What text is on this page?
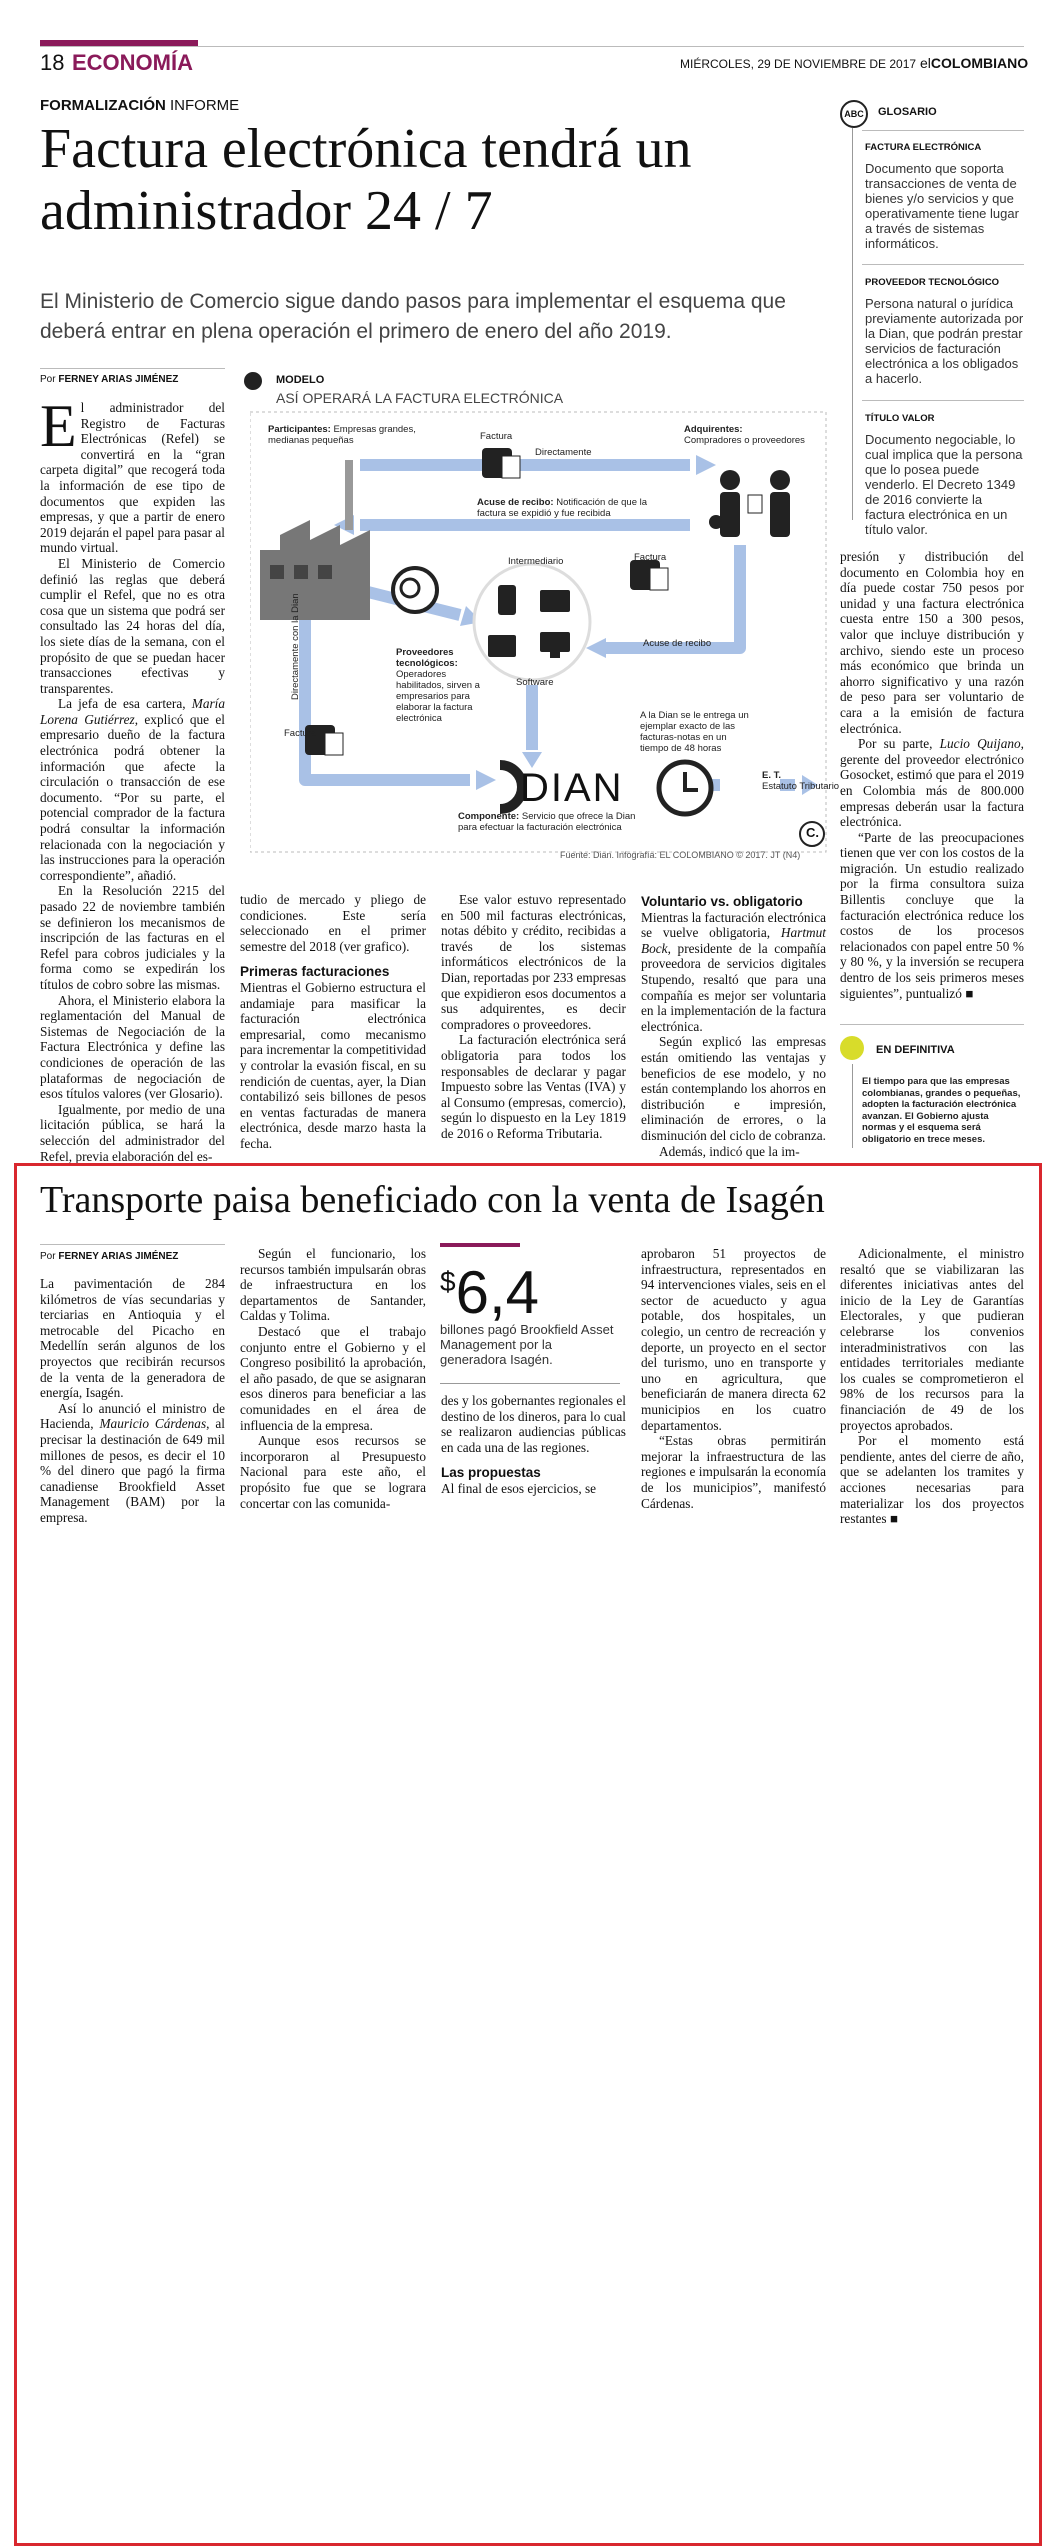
18 ECONOMÍA	MIÉRCOLES, 29 DE NOVIEMBRE DE 2017 elCOLOMBIANO
FORMALIZACIÓN INFORME
Factura electrónica tendrá un administrador 24 / 7
El Ministerio de Comercio sigue dando pasos para implementar el esquema que deberá entrar en plena operación el primero de enero del año 2019.
ABC	GLOSARIO
FACTURA ELECTRÓNICA
Documento que soporta transacciones de venta de bienes y/o servicios y que operativamente tiene lugar a través de sistemas informáticos.
PROVEEDOR TECNOLÓGICO
Persona natural o jurídica previamente autorizada por la Dian, que podrán prestar servicios de facturación electrónica a los obligados a hacerlo.
TÍTULO VALOR
Documento negociable, lo cual implica que la persona que lo posea puede venderlo. El Decreto 1349 de 2016 convierte la factura electrónica en un título valor.
Por FERNEY ARIAS JIMÉNEZ

El administrador del Registro de Facturas Electrónicas (Refel) se convertirá en la “gran carpeta digital” que recogerá toda la información de ese tipo de documentos que expiden las empresas, y que a partir de enero 2019 dejarán el papel para pasar al mundo virtual.

El Ministerio de Comercio definió las reglas que deberá cumplir el Refel, que no es otra cosa que un sistema que podrá ser consultado las 24 horas del día, los siete días de la semana, con el propósito de que se puedan hacer transacciones efectivas y transparentes.

La jefa de esa cartera, María Lorena Gutiérrez, explicó que el empresario dueño de la factura electrónica podrá obtener la información que afecte la circulación o transacción de ese documento. “Por su parte, el potencial comprador de la factura podrá consultar la información relacionada con la negociación y las instrucciones para la operación correspondiente”, añadió.

En la Resolución 2215 del pasado 22 de noviembre también se definieron los mecanismos de inscripción de las facturas en el Refel para cobros judiciales y la forma como se expedirán los títulos de cobro sobre las mismas.

Ahora, el Ministerio elabora la reglamentación del Manual de Sistemas de Negociación de la Factura Electrónica y define las condiciones de operación de las plataformas de negociación de esos títulos valores (ver Glosario).

Igualmente, por medio de una licitación pública, se hará la selección del administrador del Refel, previa elaboración del es-

MODELO
ASÍ OPERARÁ LA FACTURA ELECTRÓNICA
Participantes: Empresas grandes, medianas pequeñas	Factura
Directamente
Adquirentes:
Compradores o proveedores
Acuse de recibo: Notificación de que la factura se expidió y fue recibida
Intermediario	Factura
Acuse de recibo
Directamente con la Dian	Proveedores tecnológicos:
Operadores habilitados, sirven a empresarios para elaborar la factura electrónica
Software
Factura
A la Dian se le entrega un ejemplar exacto de las facturas-notas en un tiempo de 48 horas
DIAN	E. T.
Estatuto Tributario
Componente: Servicio que ofrece la Dian para efectuar la facturación electrónica	C.
Fuente: Dian. Infografía: EL COLOMBIANO © 2017. JT (N4)

tudio de mercado y pliego de condiciones. Este sería seleccionado en el primer semestre del 2018 (ver grafico).

Primeras facturaciones

Mientras el Gobierno estructura el andamiaje para masificar la facturación electrónica empresarial, como mecanismo para incrementar la competitividad y controlar la evasión fiscal, en su rendición de cuentas, ayer, la Dian contabilizó seis billones de pesos en ventas facturadas de manera electrónica, desde marzo hasta la fecha.

Ese valor estuvo representado en 500 mil facturas electrónicas, notas débito y crédito, recibidas a través de los sistemas informáticos electrónicos de la Dian, reportadas por 233 empresas que expidieron esos documentos a sus adquirentes, es decir compradores o proveedores.

La facturación electrónica será obligatoria para todos los responsables de declarar y pagar Impuesto sobre las Ventas (IVA) y al Consumo (empresas, comercio), según lo dispuesto en la Ley 1819 de 2016 o Reforma Tributaria.

Voluntario vs. obligatorio

Mientras la facturación electrónica se vuelve obligatoria, Hartmut Bock, presidente de la compañía proveedora de servicios digitales Stupendo, resaltó que para una compañía es mejor ser voluntaria en la implementación de la factura electrónica.

Según explicó las empresas están omitiendo las ventajas y beneficios de ese modelo, y no están contemplando los ahorros en distribución e impresión, eliminación de errores, o la disminución del ciclo de cobranza.

Además, indicó que la im-

presión y distribución del documento en Colombia hoy en día puede costar 750 pesos por unidad y una factura electrónica cuesta entre 150 a 300 pesos, valor que incluye distribución y archivo, siendo este un proceso más económico que brinda un ahorro significativo y una razón de peso para ser voluntario de cara a la emisión de factura electrónica.

Por su parte, Lucio Quijano, gerente del proveedor electrónico Gosocket, estimó que para el 2019 en Colombia más de 800.000 empresas deberán usar la factura electrónica.

“Parte de las preocupaciones tienen que ver con los costos de la migración. Un estudio realizado por la firma consultora suiza Billentis concluye que la facturación electrónica reduce los costos de los procesos relacionados con papel entre 50 % y 80 %, y la inversión se recupera dentro de los seis primeros meses siguientes”, puntualizó ■

EN DEFINITIVA
El tiempo para que las empresas colombianas, grandes o pequeñas, adopten la facturación electrónica avanzan. El Gobierno ajusta normas y el esquema será obligatorio en trece meses.
Transporte paisa beneficiado con la venta de Isagén
Por FERNEY ARIAS JIMÉNEZ

La pavimentación de 284 kilómetros de vías secundarias y terciarias en Antioquia y el metrocable del Picacho en Medellín serán algunos de los proyectos que recibirán recursos de la venta de la generadora de energía, Isagén.

Así lo anunció el ministro de Hacienda, Mauricio Cárdenas, al precisar la destinación de 649 mil millones de pesos, es decir el 10 % del dinero que pagó la firma canadiense Brookfield Asset Management (BAM) por la empresa.

Según el funcionario, los recursos también impulsarán obras de infraestructura en los departamentos de Santander, Caldas y Tolima.

Destacó que el trabajo conjunto entre el Gobierno y el Congreso posibilitó la aprobación, el año pasado, de que se asignaran esos dineros para beneficiar a las comunidades en el área de influencia de la empresa.

Aunque esos recursos se incorporaron al Presupuesto Nacional para este año, el propósito fue que se lograra concertar con las comunida-

$6,4
billones pagó Brookfield Asset Management por la generadora Isagén.

des y los gobernantes regionales el destino de los dineros, para lo cual se realizaron audiencias públicas en cada una de las regiones.

Las propuestas

Al final de esos ejercicios, se

aprobaron 51 proyectos de infraestructura, representados en 94 intervenciones viales, seis en el sector de acueducto y agua potable, dos hospitales, un colegio, un centro de recreación y deporte, un proyecto en el sector del turismo, uno en transporte y uno en agricultura, que beneficiarán de manera directa 62 municipios en los cuatro departamentos.

“Estas obras permitirán mejorar la infraestructura de las regiones e impulsarán la economía de los municipios”, manifestó Cárdenas.

Adicionalmente, el ministro resaltó que se viabilizaran las diferentes iniciativas antes del inicio de la Ley de Garantías Electorales, y que pudieran celebrarse los convenios interadministrativos con las entidades territoriales mediante los cuales se comprometieron el 98% de los recursos para la financiación de 49 de los proyectos aprobados.

Por el momento está pendiente, antes del cierre de año, que se adelanten los tramites y acciones necesarias para materializar los dos proyectos restantes ■
